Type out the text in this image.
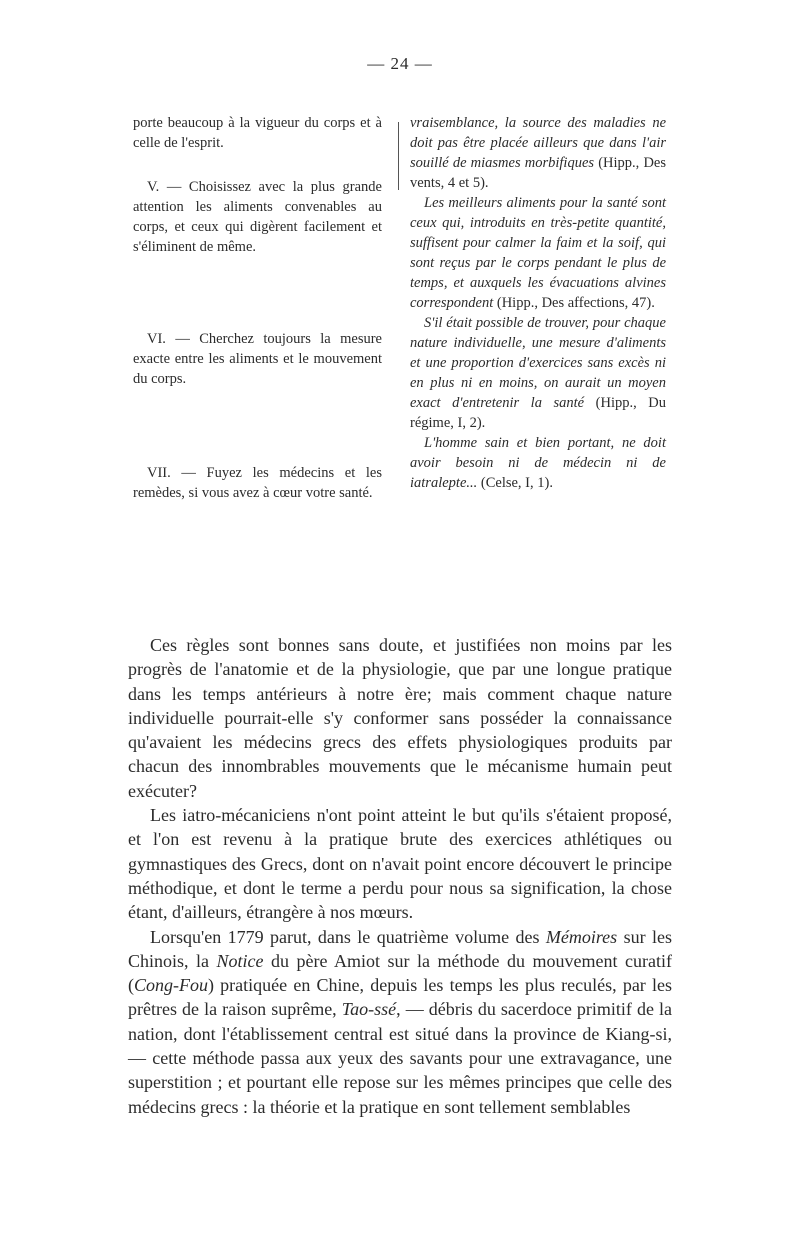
— 24 —

porte beaucoup à la vigueur du corps et à celle de l'esprit.

V. — Choisissez avec la plus grande attention les aliments convenables au corps, et ceux qui digèrent facilement et s'éliminent de même.

VI. — Cherchez toujours la mesure exacte entre les aliments et le mouvement du corps.

VII. — Fuyez les médecins et les remèdes, si vous avez à cœur votre santé.

vraisemblance, la source des maladies ne doit pas être placée ailleurs que dans l'air souillé de miasmes morbifiques (Hipp., Des vents, 4 et 5).

Les meilleurs aliments pour la santé sont ceux qui, introduits en très-petite quantité, suffisent pour calmer la faim et la soif, qui sont reçus par le corps pendant le plus de temps, et auxquels les évacuations alvines correspondent (Hipp., Des affections, 47).

S'il était possible de trouver, pour chaque nature individuelle, une mesure d'aliments et une proportion d'exercices sans excès ni en plus ni en moins, on aurait un moyen exact d'entretenir la santé (Hipp., Du régime, I, 2).

L'homme sain et bien portant, ne doit avoir besoin ni de médecin ni de iatralepte... (Celse, I, 1).

Ces règles sont bonnes sans doute, et justifiées non moins par les progrès de l'anatomie et de la physiologie, que par une longue pratique dans les temps antérieurs à notre ère; mais comment chaque nature individuelle pourrait-elle s'y conformer sans posséder la connaissance qu'avaient les médecins grecs des effets physiologiques produits par chacun des innombrables mouvements que le mécanisme humain peut exécuter?

Les iatro-mécaniciens n'ont point atteint le but qu'ils s'étaient proposé, et l'on est revenu à la pratique brute des exercices athlétiques ou gymnastiques des Grecs, dont on n'avait point encore découvert le principe méthodique, et dont le terme a perdu pour nous sa signification, la chose étant, d'ailleurs, étrangère à nos mœurs.

Lorsqu'en 1779 parut, dans le quatrième volume des Mémoires sur les Chinois, la Notice du père Amiot sur la méthode du mouvement curatif (Cong-Fou) pratiquée en Chine, depuis les temps les plus reculés, par les prêtres de la raison suprême, Tao-ssé, — débris du sacerdoce primitif de la nation, dont l'établissement central est situé dans la province de Kiang-si, — cette méthode passa aux yeux des savants pour une extravagance, une superstition ; et pourtant elle repose sur les mêmes principes que celle des médecins grecs : la théorie et la pratique en sont tellement semblables
